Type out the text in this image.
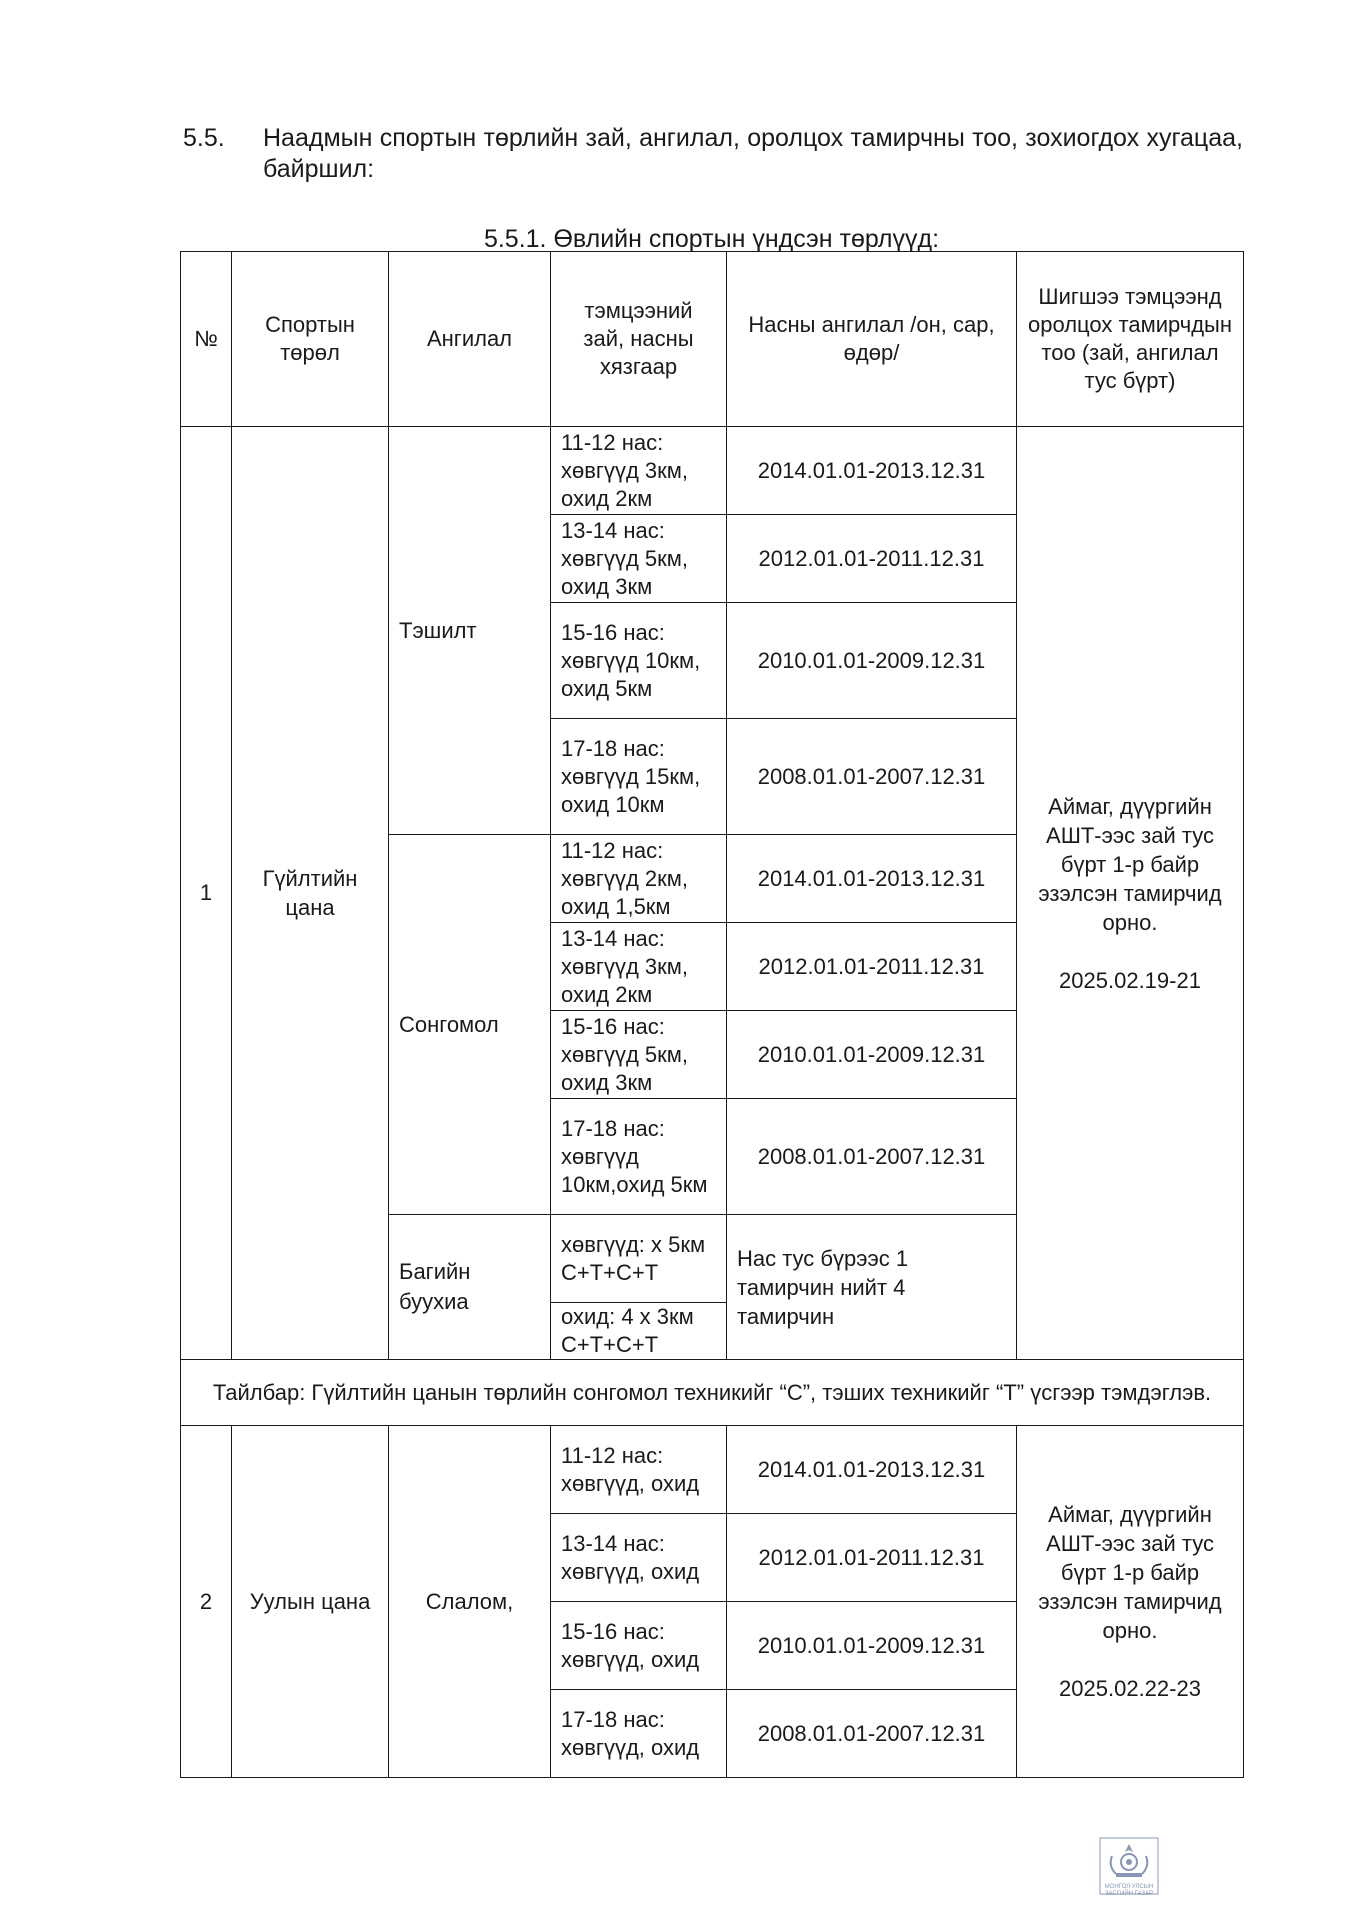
5.5. Наадмын спортын төрлийн зай, ангилал, оролцох тамирчны тоо, зохиогдох хугацаа, байршил:
5.5.1. Өвлийн спортын үндсэн төрлүүд:
№	Спортын төрөл	Ангилал	тэмцээний зай, насны хязгаар	Насны ангилал /он, сар, өдөр/	Шигшээ тэмцээнд оролцох тамирчдын тоо (зай, ангилал тус бүрт)
1	Гүйлтийн цана	Тэшилт	11-12 нас: хөвгүүд 3км, охид 2км	2014.01.01-2013.12.31	Аймаг, дүүргийн АШТ-ээс зай тус бүрт 1-р байр эзэлсэн тамирчид орно.
2025.02.19-21

			13-14 нас: хөвгүүд 5км, охид 3км	2012.01.01-2011.12.31	
			15-16 нас: хөвгүүд 10км, охид 5км	2010.01.01-2009.12.31	
			17-18 нас: хөвгүүд 15км, охид 10км	2008.01.01-2007.12.31	
		Сонгомол	11-12 нас: хөвгүүд 2км, охид 1,5км	2014.01.01-2013.12.31	
			13-14 нас: хөвгүүд 3км, охид 2км	2012.01.01-2011.12.31	
			15-16 нас: хөвгүүд 5км, охид 3км	2010.01.01-2009.12.31	
			17-18 нас: хөвгүүд 10км,охид 5км	2008.01.01-2007.12.31	
		Багийн буухиа	хөвгүүд: х 5км С+Т+С+Т	Нас тус бүрээс 1 тамирчин нийт 4 тамирчин	
			охид: 4 х 3км С+Т+С+Т		
Тайлбар: Гүйлтийн цанын төрлийн сонгомол техникийг “С”, тэших техникийг “Т” үсгээр тэмдэглэв.					
2	Уулын цана	Слалом,	11-12 нас: хөвгүүд, охид	2014.01.01-2013.12.31	Аймаг, дүүргийн АШТ-ээс зай тус бүрт 1-р байр эзэлсэн тамирчид орно.
2025.02.22-23

			13-14 нас: хөвгүүд, охид	2012.01.01-2011.12.31	
			15-16 нас: хөвгүүд, охид	2010.01.01-2009.12.31	
			17-18 нас: хөвгүүд, охид	2008.01.01-2007.12.31	
МОНГОЛ УЛСЫН ЗАСГИЙН ГАЗАР
